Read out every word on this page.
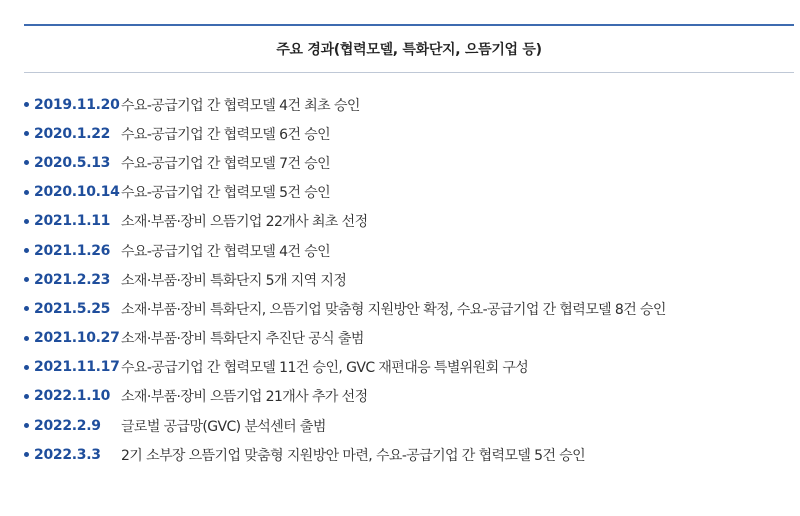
주요 경과(협력모델, 특화단지, 으뜸기업 등)
2019.11.20 수요-공급기업 간 협력모델 4건 최초 승인
2020.1.22 수요-공급기업 간 협력모델 6건 승인
2020.5.13 수요-공급기업 간 협력모델 7건 승인
2020.10.14 수요-공급기업 간 협력모델 5건 승인
2021.1.11 소재·부품·장비 으뜸기업 22개사 최초 선정
2021.1.26 수요-공급기업 간 협력모델 4건 승인
2021.2.23 소재·부품·장비 특화단지 5개 지역 지정
2021.5.25 소재·부품·장비 특화단지, 으뜸기업 맞춤형 지원방안 확정, 수요-공급기업 간 협력모델 8건 승인
2021.10.27 소재·부품·장비 특화단지 추진단 공식 출범
2021.11.17 수요-공급기업 간 협력모델 11건 승인, GVC 재편대응 특별위원회 구성
2022.1.10 소재·부품·장비 으뜸기업 21개사 추가 선정
2022.2.9	글로벌 공급망(GVC) 분석센터 출범
2022.3.3	2기 소부장 으뜸기업 맞춤형 지원방안 마련, 수요-공급기업 간 협력모델 5건 승인
